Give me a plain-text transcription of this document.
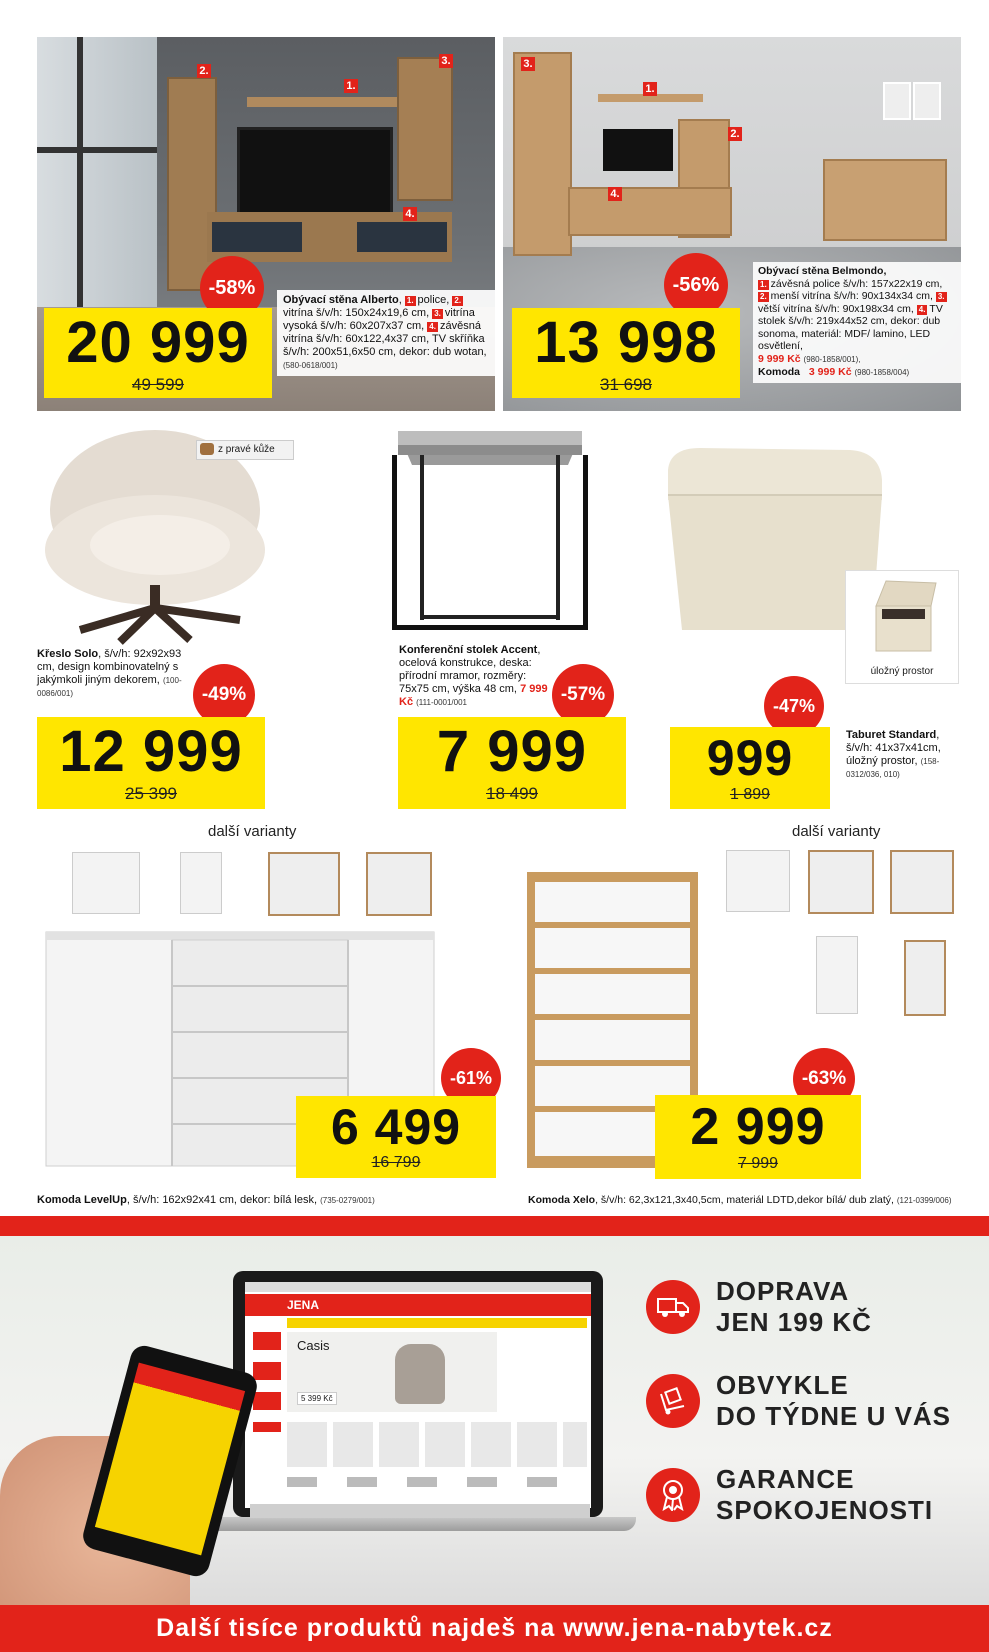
1.
2.
3.
4.
Obývací stěna Alberto, 1. police, 2.vitrína š/v/h: 150x24x19,6 cm, 3. vitrína vysoká š/v/h: 60x207x37 cm, 4. závěsná vitrína š/v/h: 60x122,4x37 cm, TV skříňka š/v/h: 200x51,6x50 cm, dekor: dub wotan, (580-0618/001)
-58%
20 999
49 599
1.
2.
3.
4.
Obývací stěna Belmondo,
1. závěsná police š/v/h: 157x22x19 cm, 2. menší vitrína š/v/h: 90x134x34 cm, 3.větší vitrína š/v/h: 90x198x34 cm, 4. TV stolek š/v/h: 219x44x52 cm, dekor: dub sonoma, materiál: MDF/ lamino, LED osvětlení,
9 999 Kč (980-1858/001),
Komoda 3 999 Kč (980-1858/004)
-56%
13 998
31 698
z pravé kůže
Křeslo Solo, š/v/h: 92x92x93 cm, design kombinovatelný s jakýmkoli jiným dekorem, (100-0086/001)	-49%
12 999
25 399
Konferenční stolek Accent, ocelová konstrukce, deska: přírodní mramor, rozměry: 75x75 cm, výška 48 cm, 7 999 Kč (111-0001/001	-57%
7 999
18 499
úložný prostor
-47%
999
1 899
Taburet Standard, š/v/h: 41x37x41cm, úložný prostor, (158-0312/036, 010)
další varianty
-61%
6 499
16 799
Komoda LevelUp, š/v/h: 162x92x41 cm, dekor: bílá lesk, (735-0279/001)
další varianty
-63%
2 999
7 999
Komoda Xelo, š/v/h: 62,3x121,3x40,5cm, materiál LDTD,dekor bílá/ dub zlatý, (121-0399/006)
JENA
Casis
5 399 Kč
DOPRAVA
JEN 199 KČ
OBVYKLE
DO TÝDNE U VÁS
GARANCE
SPOKOJENOSTI
Další tisíce produktů najdeš na www.jena-nabytek.cz
